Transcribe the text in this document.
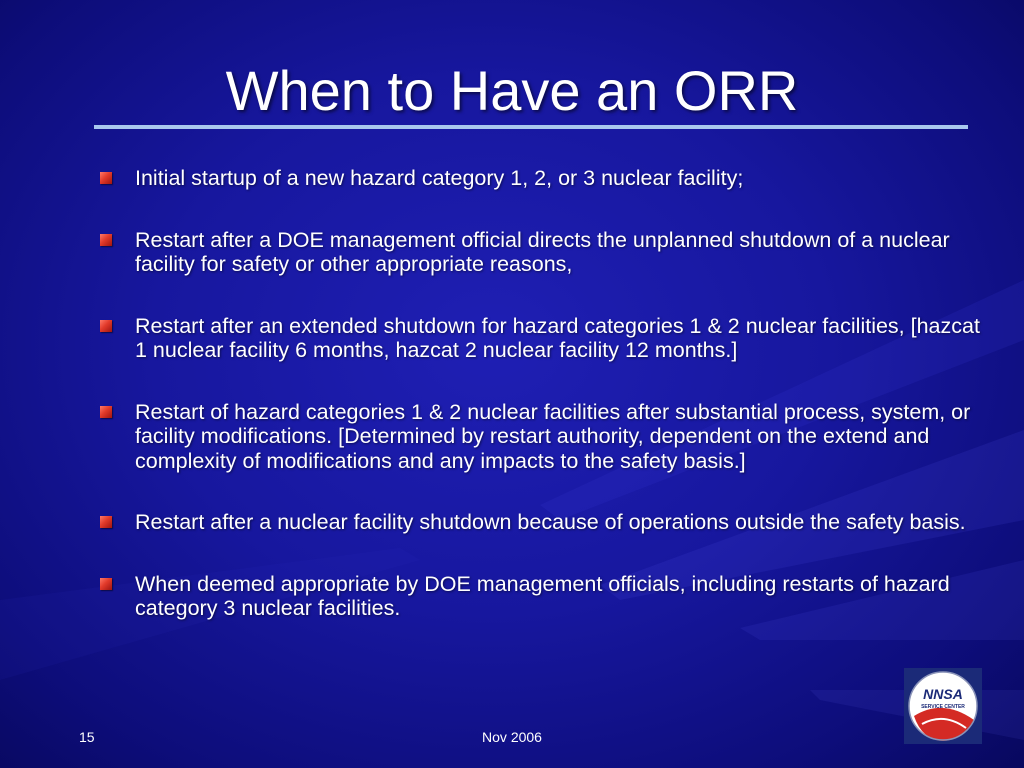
When to Have an ORR
Initial startup of a new hazard category 1, 2, or 3 nuclear facility;
Restart after a DOE management official directs the unplanned shutdown of a nuclear facility for safety or other appropriate reasons,
Restart after an extended shutdown for hazard categories 1 & 2 nuclear facilities, [hazcat 1 nuclear facility 6 months, hazcat 2 nuclear facility 12 months.]
Restart of hazard categories 1 & 2 nuclear facilities after substantial process, system, or facility modifications. [Determined by restart authority, dependent on the extend and complexity of modifications and any impacts to the safety basis.]
Restart after a nuclear facility shutdown because of operations outside the safety basis.
When deemed appropriate by DOE management officials, including restarts of hazard category 3 nuclear facilities.
15	Nov 2006
NNSA
SERVICE CENTER
